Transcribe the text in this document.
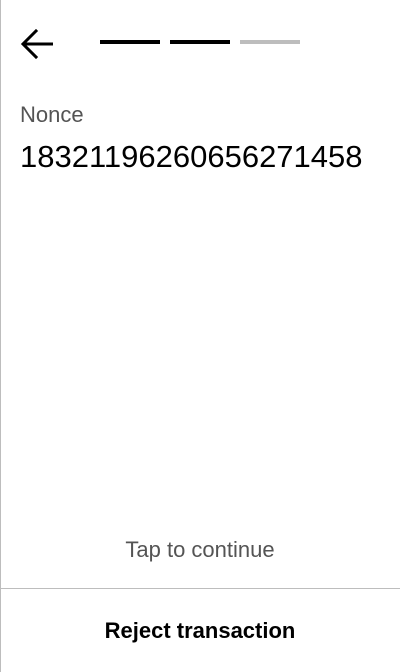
Nonce
18321196260656271458
Tap to continue
Reject transaction
